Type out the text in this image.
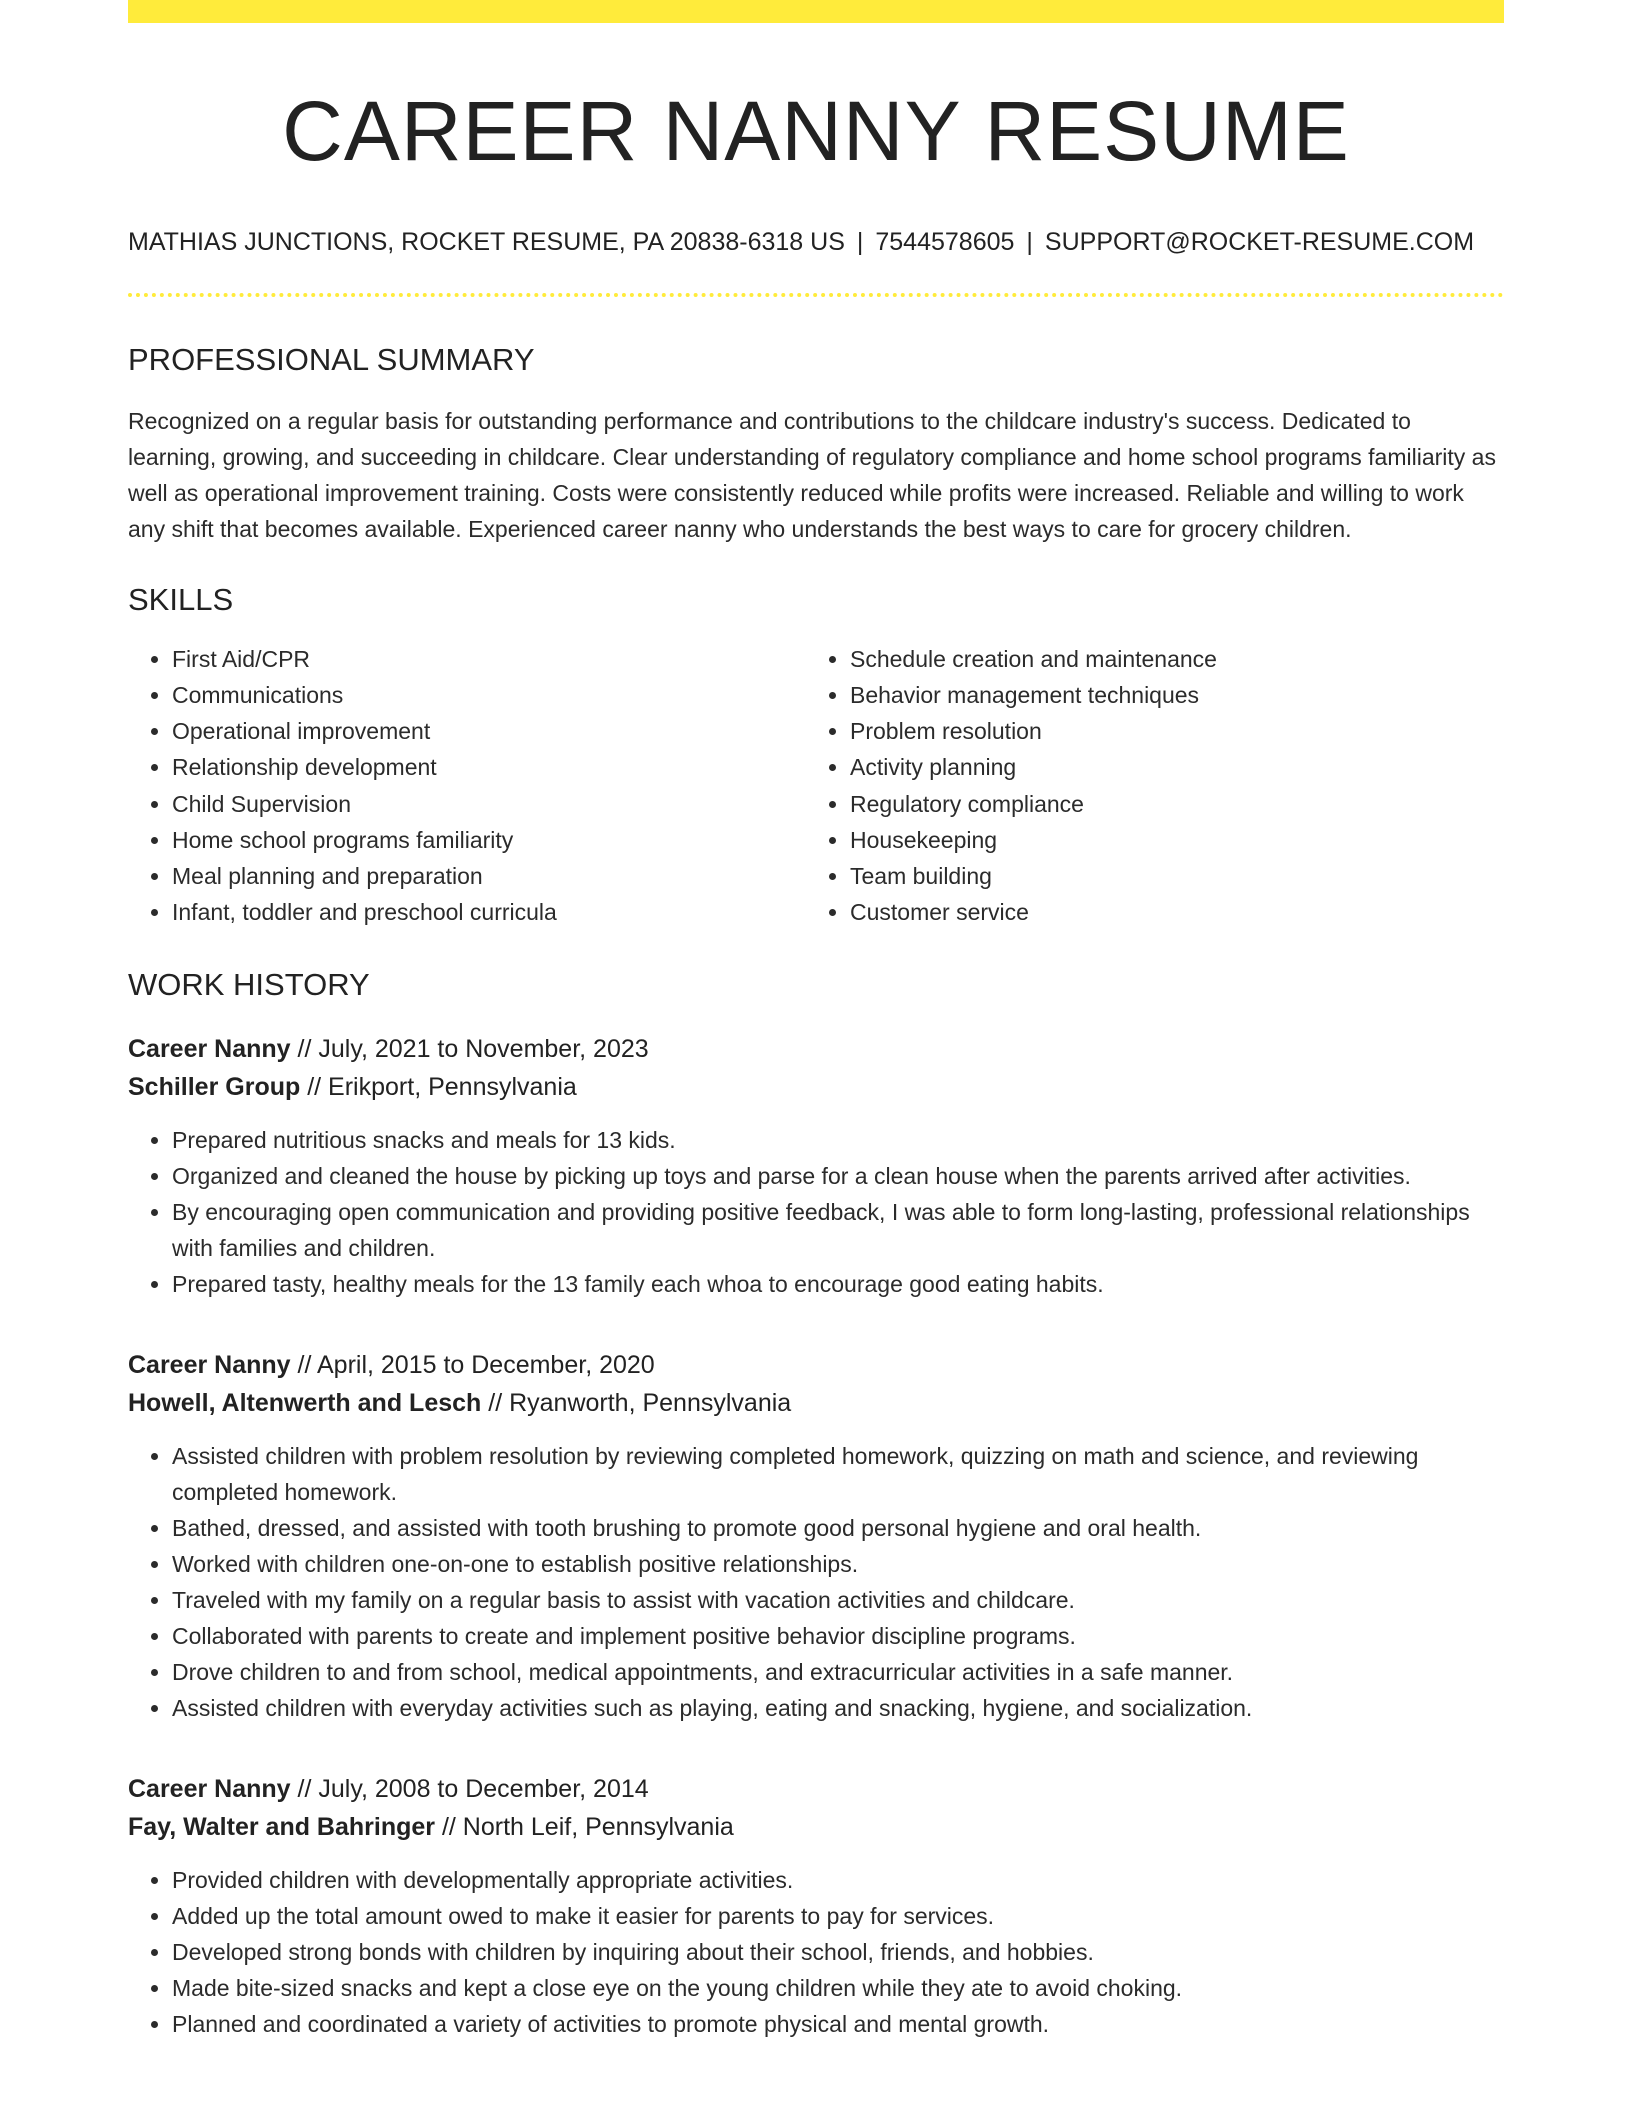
CAREER NANNY RESUME
MATHIAS JUNCTIONS, ROCKET RESUME, PA 20838-6318 US | 7544578605 | SUPPORT@ROCKET-RESUME.COM
PROFESSIONAL SUMMARY

Recognized on a regular basis for outstanding performance and contributions to the childcare industry's success. Dedicated to learning, growing, and succeeding in childcare. Clear understanding of regulatory compliance and home school programs familiarity as well as operational improvement training. Costs were consistently reduced while profits were increased. Reliable and willing to work any shift that becomes available. Experienced career nanny who understands the best ways to care for grocery children.

SKILLS
• First Aid/CPR
• Communications
• Operational improvement
• Relationship development
• Child Supervision
• Home school programs familiarity
• Meal planning and preparation
• Infant, toddler and preschool curricula
• Schedule creation and maintenance
• Behavior management techniques
• Problem resolution
• Activity planning
• Regulatory compliance
• Housekeeping
• Team building
• Customer service
WORK HISTORY
Career Nanny // July, 2021 to November, 2023
Schiller Group // Erikport, Pennsylvania
• Prepared nutritious snacks and meals for 13 kids.
• Organized and cleaned the house by picking up toys and parse for a clean house when the parents arrived after activities.
• By encouraging open communication and providing positive feedback, I was able to form long-lasting, professional relationships with families and children.
• Prepared tasty, healthy meals for the 13 family each whoa to encourage good eating habits.
Career Nanny // April, 2015 to December, 2020
Howell, Altenwerth and Lesch // Ryanworth, Pennsylvania
• Assisted children with problem resolution by reviewing completed homework, quizzing on math and science, and reviewing completed homework.
• Bathed, dressed, and assisted with tooth brushing to promote good personal hygiene and oral health.
• Worked with children one-on-one to establish positive relationships.
• Traveled with my family on a regular basis to assist with vacation activities and childcare.
• Collaborated with parents to create and implement positive behavior discipline programs.
• Drove children to and from school, medical appointments, and extracurricular activities in a safe manner.
• Assisted children with everyday activities such as playing, eating and snacking, hygiene, and socialization.
Career Nanny // July, 2008 to December, 2014
Fay, Walter and Bahringer // North Leif, Pennsylvania
• Provided children with developmentally appropriate activities.
• Added up the total amount owed to make it easier for parents to pay for services.
• Developed strong bonds with children by inquiring about their school, friends, and hobbies.
• Made bite-sized snacks and kept a close eye on the young children while they ate to avoid choking.
• Planned and coordinated a variety of activities to promote physical and mental growth.
